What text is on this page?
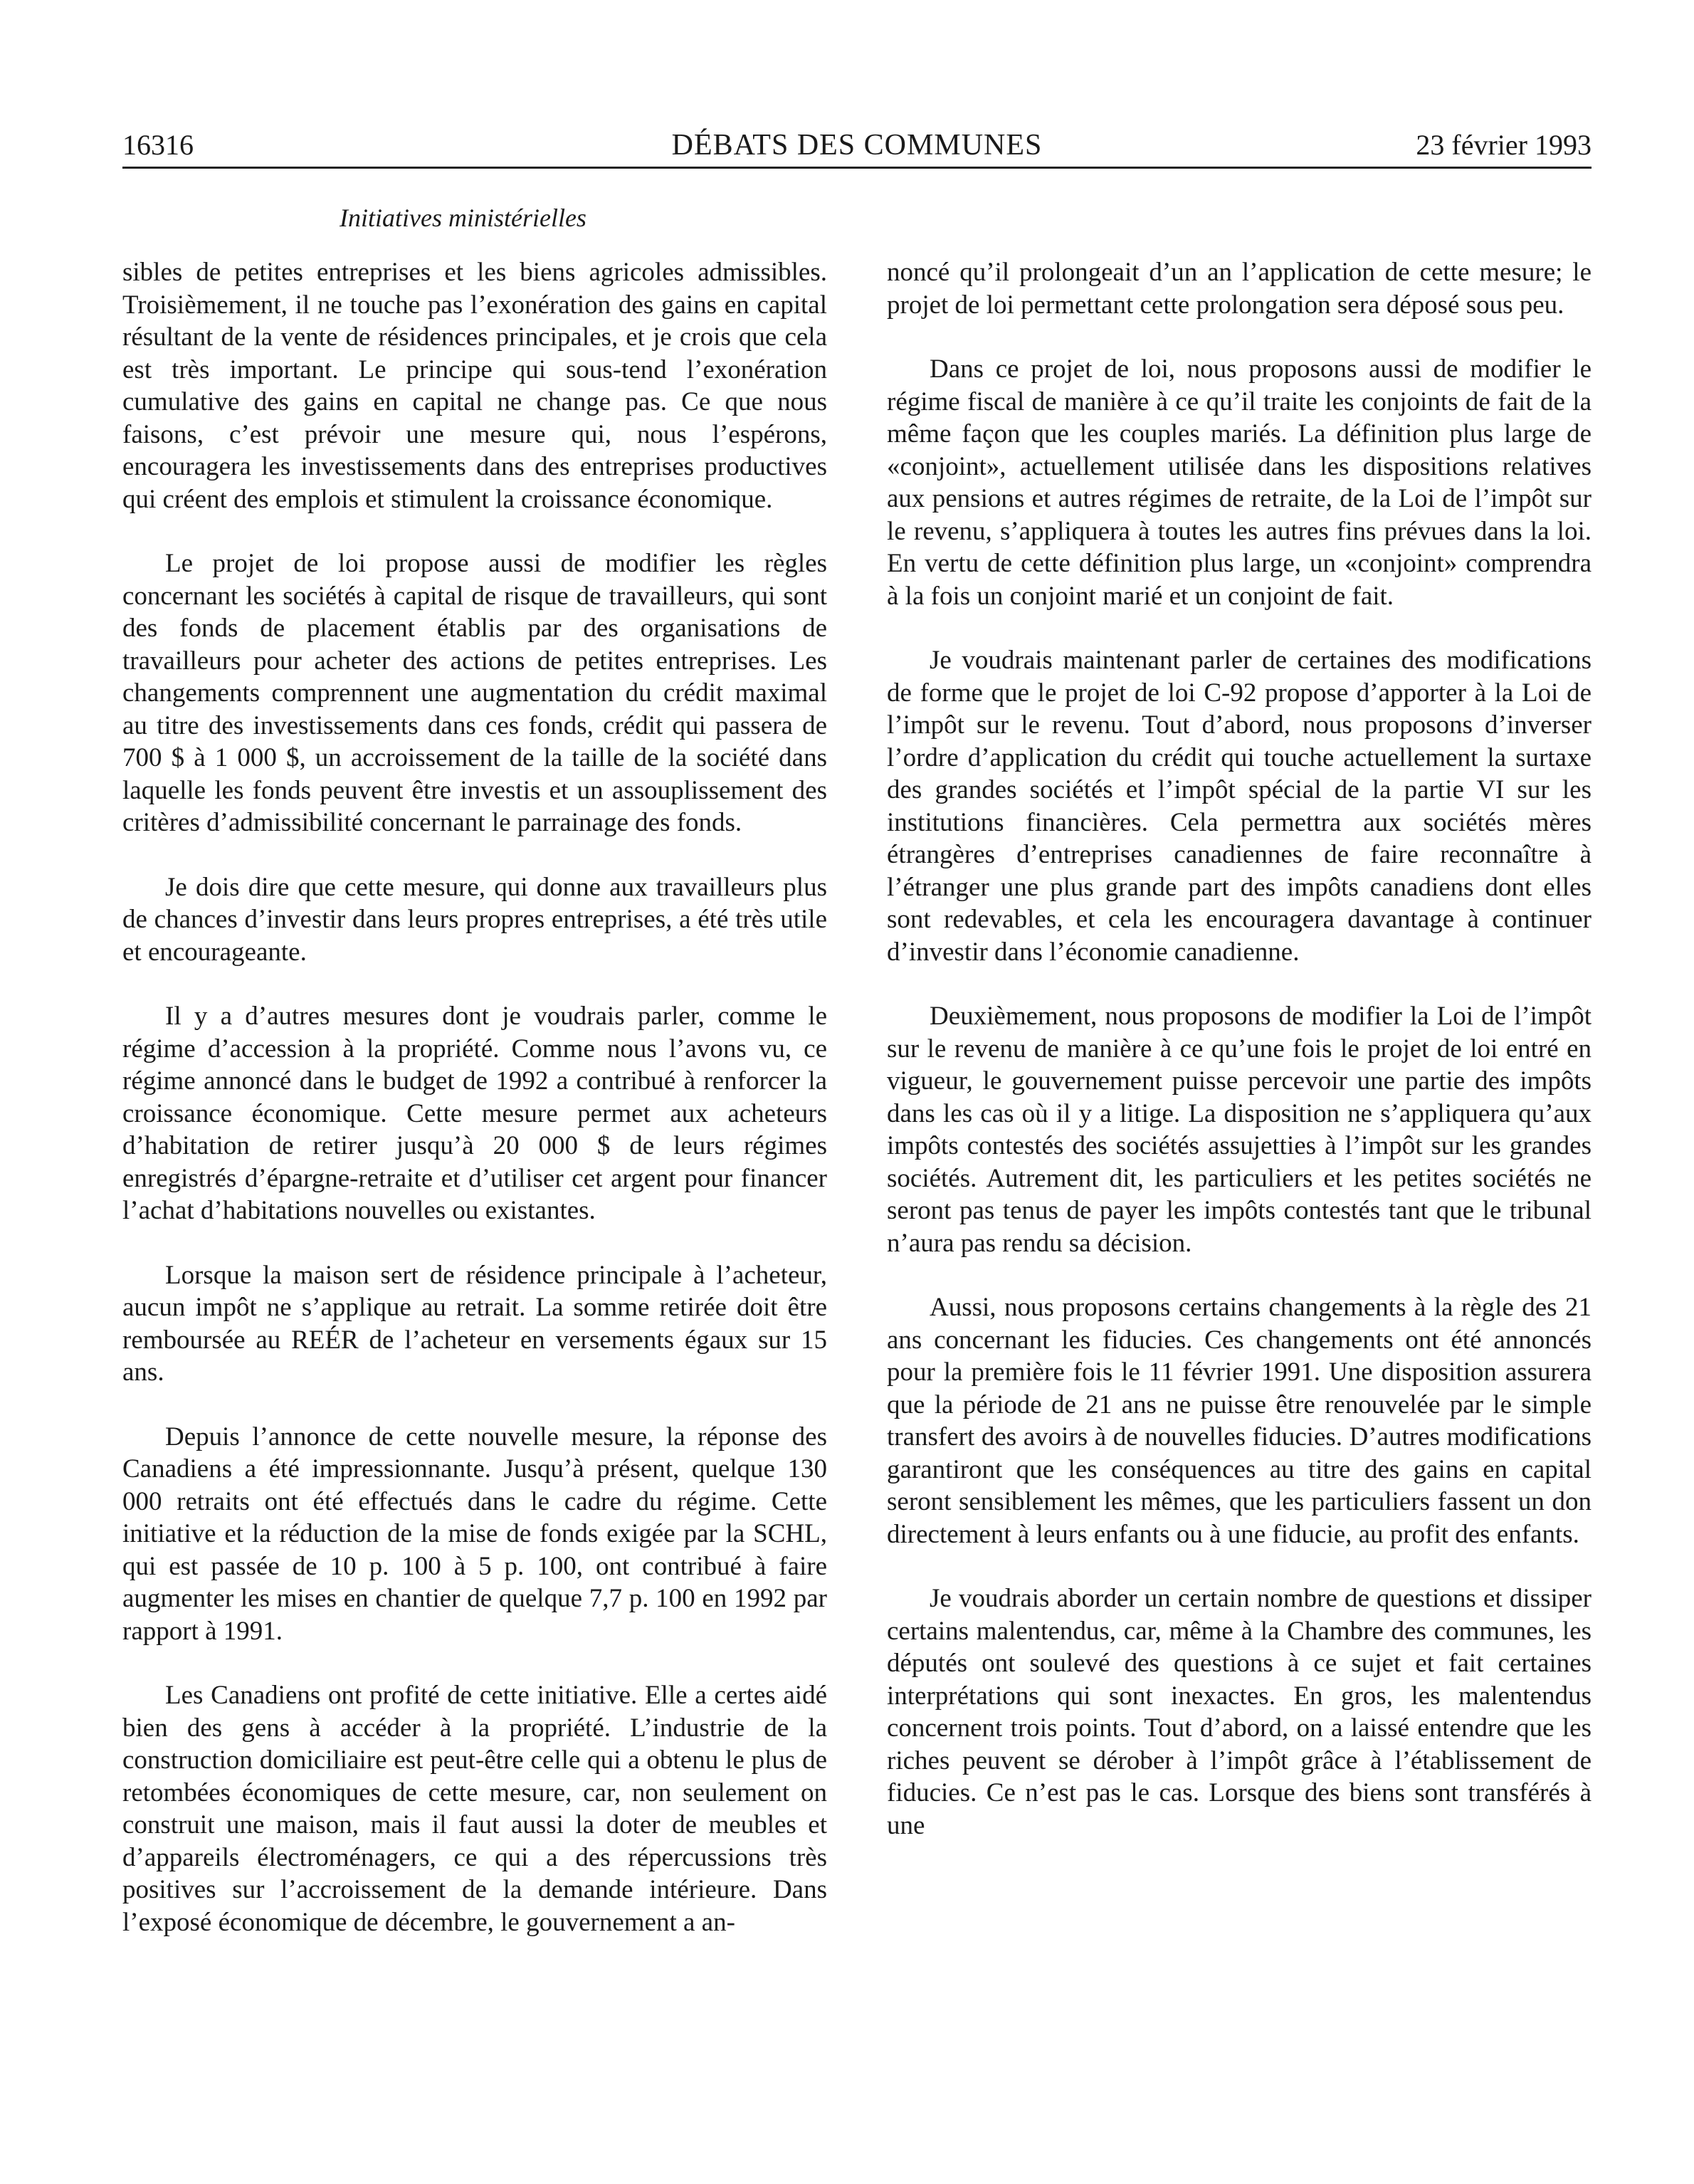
16316	DÉBATS DES COMMUNES	23 février 1993
Initiatives ministérielles

sibles de petites entreprises et les biens agricoles admissibles. Troisièmement, il ne touche pas l’exonération des gains en capital résultant de la vente de résidences principales, et je crois que cela est très important. Le principe qui sous-tend l’exonération cumulative des gains en capital ne change pas. Ce que nous faisons, c’est prévoir une mesure qui, nous l’espérons, encouragera les investissements dans des entreprises productives qui créent des emplois et stimulent la croissance économique.

Le projet de loi propose aussi de modifier les règles concernant les sociétés à capital de risque de travailleurs, qui sont des fonds de placement établis par des organisations de travailleurs pour acheter des actions de petites entreprises. Les changements comprennent une augmentation du crédit maximal au titre des investissements dans ces fonds, crédit qui passera de 700 $ à 1 000 $, un accroissement de la taille de la société dans laquelle les fonds peuvent être investis et un assouplissement des critères d’admissibilité concernant le parrainage des fonds.

Je dois dire que cette mesure, qui donne aux travailleurs plus de chances d’investir dans leurs propres entreprises, a été très utile et encourageante.

Il y a d’autres mesures dont je voudrais parler, comme le régime d’accession à la propriété. Comme nous l’avons vu, ce régime annoncé dans le budget de 1992 a contribué à renforcer la croissance économique. Cette mesure permet aux acheteurs d’habitation de retirer jusqu’à 20 000 $ de leurs régimes enregistrés d’épargne-retraite et d’utiliser cet argent pour financer l’achat d’habitations nouvelles ou existantes.

Lorsque la maison sert de résidence principale à l’acheteur, aucun impôt ne s’applique au retrait. La somme retirée doit être remboursée au REÉR de l’acheteur en versements égaux sur 15 ans.

Depuis l’annonce de cette nouvelle mesure, la réponse des Canadiens a été impressionnante. Jusqu’à présent, quelque 130 000 retraits ont été effectués dans le cadre du régime. Cette initiative et la réduction de la mise de fonds exigée par la SCHL, qui est passée de 10 p. 100 à 5 p. 100, ont contribué à faire augmenter les mises en chantier de quelque 7,7 p. 100 en 1992 par rapport à 1991.

Les Canadiens ont profité de cette initiative. Elle a certes aidé bien des gens à accéder à la propriété. L’industrie de la construction domiciliaire est peut-être celle qui a obtenu le plus de retombées économiques de cette mesure, car, non seulement on construit une maison, mais il faut aussi la doter de meubles et d’appareils électroménagers, ce qui a des répercussions très positives sur l’accroissement de la demande intérieure. Dans l’exposé économique de décembre, le gouvernement a an-

noncé qu’il prolongeait d’un an l’application de cette mesure; le projet de loi permettant cette prolongation sera déposé sous peu.

Dans ce projet de loi, nous proposons aussi de modifier le régime fiscal de manière à ce qu’il traite les conjoints de fait de la même façon que les couples mariés. La définition plus large de «conjoint», actuellement utilisée dans les dispositions relatives aux pensions et autres régimes de retraite, de la Loi de l’impôt sur le revenu, s’appliquera à toutes les autres fins prévues dans la loi. En vertu de cette définition plus large, un «conjoint» comprendra à la fois un conjoint marié et un conjoint de fait.

Je voudrais maintenant parler de certaines des modifications de forme que le projet de loi C-92 propose d’apporter à la Loi de l’impôt sur le revenu. Tout d’abord, nous proposons d’inverser l’ordre d’application du crédit qui touche actuellement la surtaxe des grandes sociétés et l’impôt spécial de la partie VI sur les institutions financières. Cela permettra aux sociétés mères étrangères d’entreprises canadiennes de faire reconnaître à l’étranger une plus grande part des impôts canadiens dont elles sont redevables, et cela les encouragera davantage à continuer d’investir dans l’économie canadienne.

Deuxièmement, nous proposons de modifier la Loi de l’impôt sur le revenu de manière à ce qu’une fois le projet de loi entré en vigueur, le gouvernement puisse percevoir une partie des impôts dans les cas où il y a litige. La disposition ne s’appliquera qu’aux impôts contestés des sociétés assujetties à l’impôt sur les grandes sociétés. Autrement dit, les particuliers et les petites sociétés ne seront pas tenus de payer les impôts contestés tant que le tribunal n’aura pas rendu sa décision.

Aussi, nous proposons certains changements à la règle des 21 ans concernant les fiducies. Ces changements ont été annoncés pour la première fois le 11 février 1991. Une disposition assurera que la période de 21 ans ne puisse être renouvelée par le simple transfert des avoirs à de nouvelles fiducies. D’autres modifications garantiront que les conséquences au titre des gains en capital seront sensiblement les mêmes, que les particuliers fassent un don directement à leurs enfants ou à une fiducie, au profit des enfants.

Je voudrais aborder un certain nombre de questions et dissiper certains malentendus, car, même à la Chambre des communes, les députés ont soulevé des questions à ce sujet et fait certaines interprétations qui sont inexactes. En gros, les malentendus concernent trois points. Tout d’abord, on a laissé entendre que les riches peuvent se dérober à l’impôt grâce à l’établissement de fiducies. Ce n’est pas le cas. Lorsque des biens sont transférés à une
